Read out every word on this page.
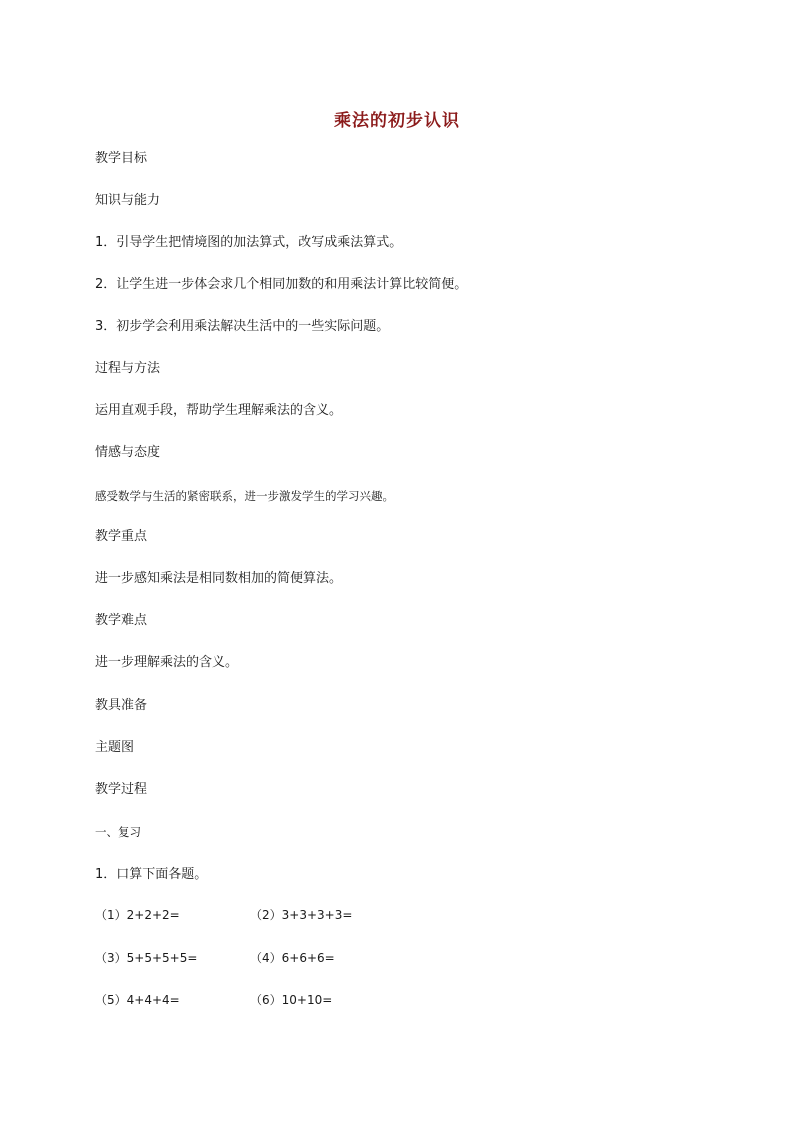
乘法的初步认识
教学目标
知识与能力
1．引导学生把情境图的加法算式，改写成乘法算式。
2．让学生进一步体会求几个相同加数的和用乘法计算比较简便。
3．初步学会利用乘法解决生活中的一些实际问题。
过程与方法
运用直观手段，帮助学生理解乘法的含义。
情感与态度
感受数学与生活的紧密联系，进一步激发学生的学习兴趣。
教学重点
进一步感知乘法是相同数相加的简便算法。
教学难点
进一步理解乘法的含义。
教具准备
主题图
教学过程
一、复习
1．口算下面各题。
（1）2+2+2=	（2）3+3+3+3=
（3）5+5+5+5=	（4）6+6+6=
（5）4+4+4=	（6）10+10=
